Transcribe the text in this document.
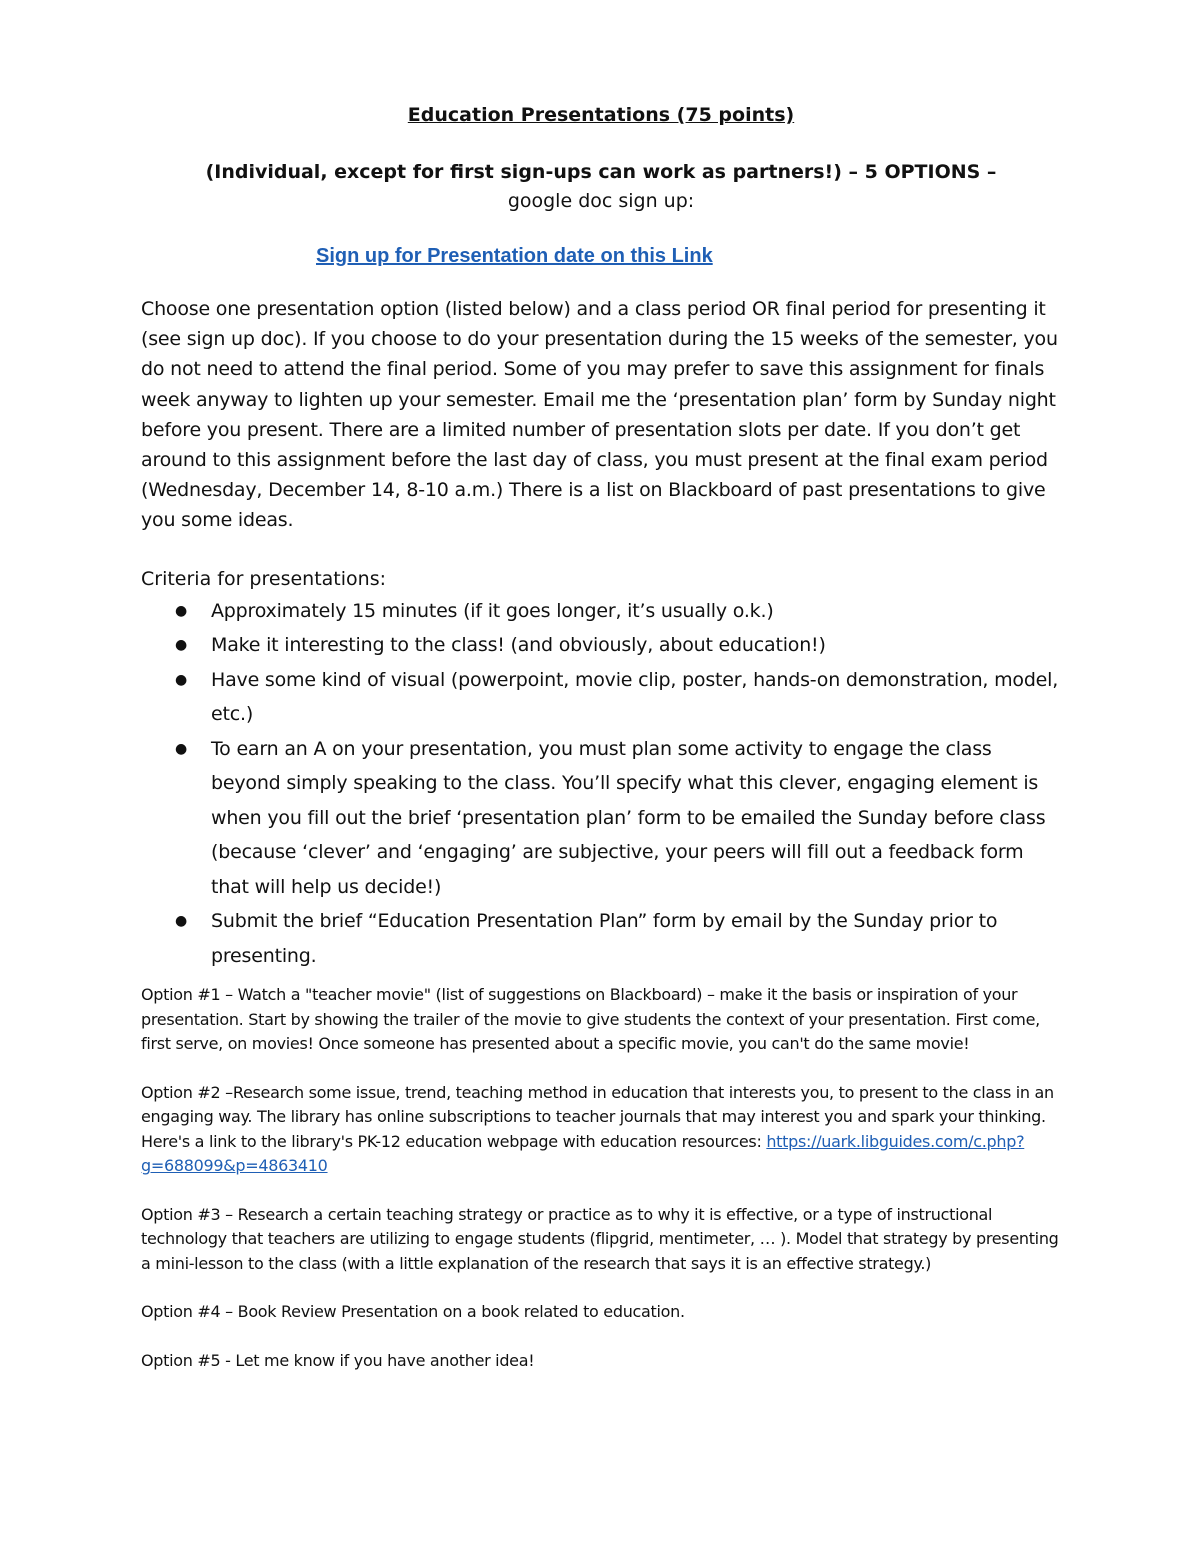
Education Presentations (75 points)

(Individual, except for first sign-ups can work as partners!) – 5 OPTIONS –

google doc sign up:

Sign up for Presentation date on this Link

Choose one presentation option (listed below) and a class period OR final period for presenting it (see sign up doc). If you choose to do your presentation during the 15 weeks of the semester, you do not need to attend the final period. Some of you may prefer to save this assignment for finals week anyway to lighten up your semester. Email me the ‘presentation plan’ form by Sunday night before you present. There are a limited number of presentation slots per date. If you don’t get around to this assignment before the last day of class, you must present at the final exam period (Wednesday, December 14, 8-10 a.m.) There is a list on Blackboard of past presentations to give you some ideas.

Criteria for presentations:

● Approximately 15 minutes (if it goes longer, it’s usually o.k.)
● Make it interesting to the class! (and obviously, about education!)
● Have some kind of visual (powerpoint, movie clip, poster, hands-on demonstration, model, etc.)
● To earn an A on your presentation, you must plan some activity to engage the class beyond simply speaking to the class. You’ll specify what this clever, engaging element is when you fill out the brief ‘presentation plan’ form to be emailed the Sunday before class (because ‘clever’ and ‘engaging’ are subjective, your peers will fill out a feedback form that will help us decide!)
● Submit the brief “Education Presentation Plan” form by email by the Sunday prior to presenting.

Option #1 – Watch a "teacher movie" (list of suggestions on Blackboard) – make it the basis or inspiration of your presentation. Start by showing the trailer of the movie to give students the context of your presentation. First come, first serve, on movies! Once someone has presented about a specific movie, you can't do the same movie!

Option #2 –Research some issue, trend, teaching method in education that interests you, to present to the class in an engaging way. The library has online subscriptions to teacher journals that may interest you and spark your thinking. Here's a link to the library's PK-12 education webpage with education resources: https://uark.libguides.com/c.php?g=688099&p=4863410

Option #3 – Research a certain teaching strategy or practice as to why it is effective, or a type of instructional technology that teachers are utilizing to engage students (flipgrid, mentimeter, … ). Model that strategy by presenting a mini-lesson to the class (with a little explanation of the research that says it is an effective strategy.)

Option #4 – Book Review Presentation on a book related to education.

Option #5 - Let me know if you have another idea!
